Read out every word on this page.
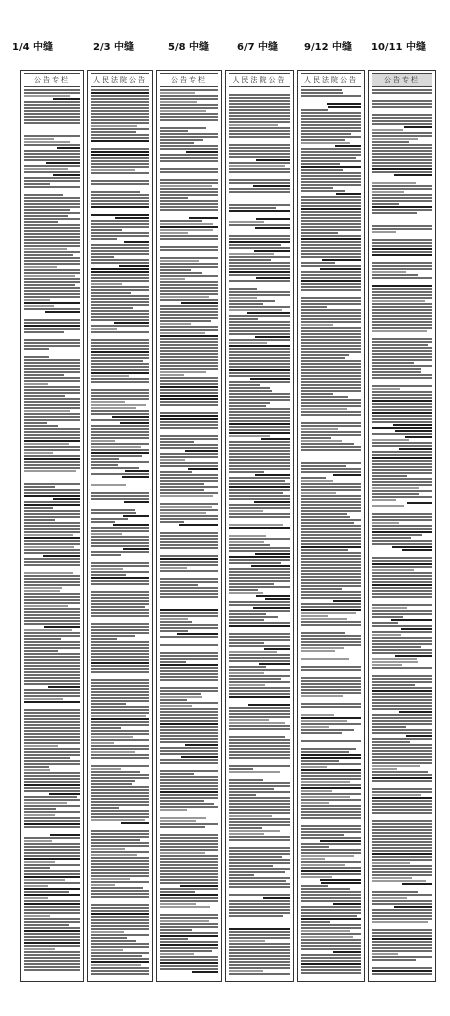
1/4 中缝	2/3 中缝	5/8 中缝	6/7 中缝	9/12 中缝 10/11 中缝
公告专栏	人民法院公告	公告专栏	人民法院公告	人民法院公告	公告专栏
